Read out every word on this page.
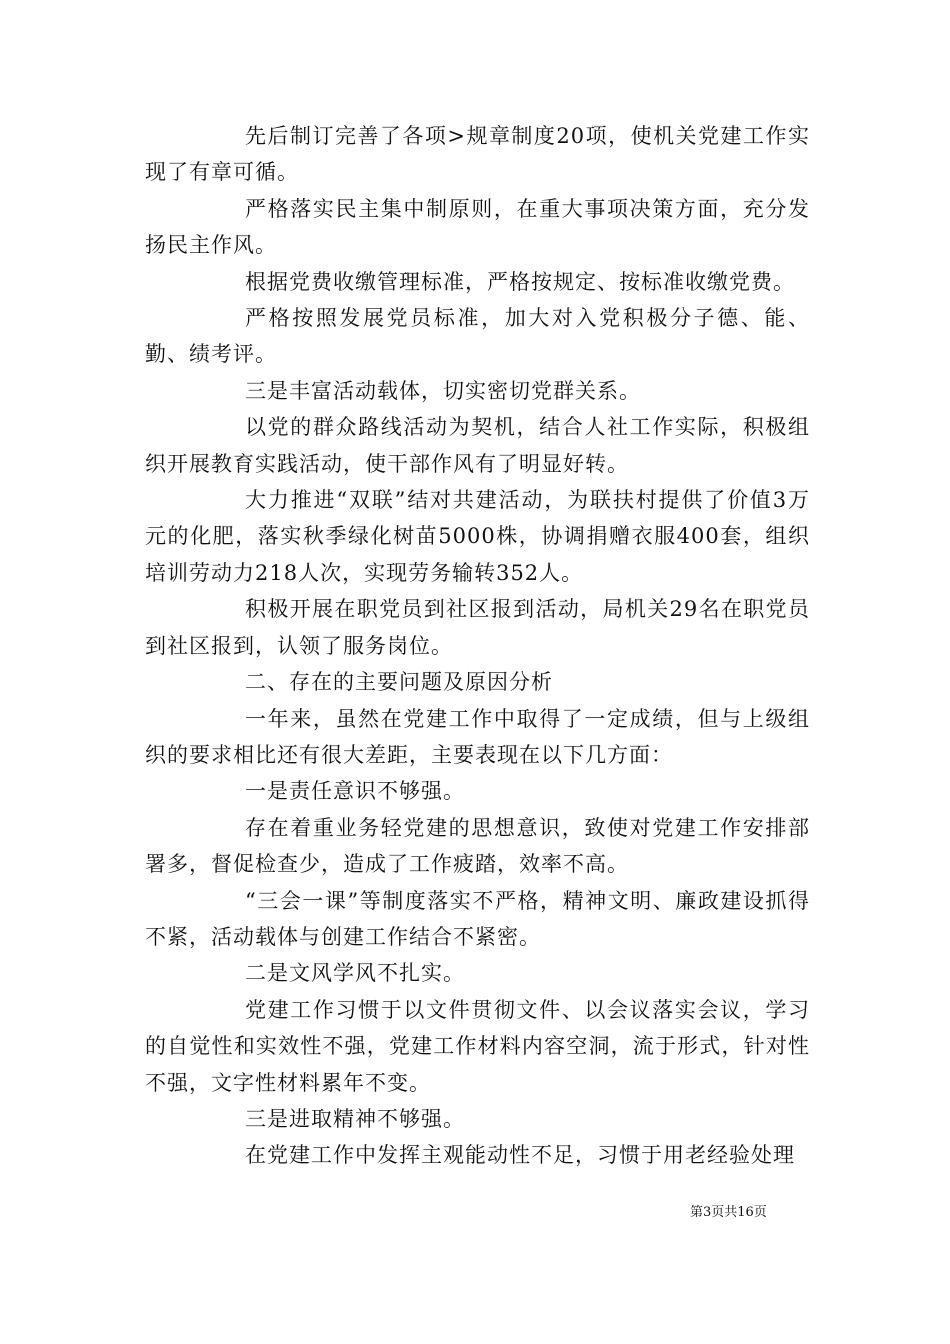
先后制订完善了各项>规章制度20项，使机关党建工作实现了有章可循。

严格落实民主集中制原则，在重大事项决策方面，充分发扬民主作风。

根据党费收缴管理标准，严格按规定、按标准收缴党费。

严格按照发展党员标准，加大对入党积极分子德、能、勤、绩考评。

三是丰富活动载体，切实密切党群关系。

以党的群众路线活动为契机，结合人社工作实际，积极组织开展教育实践活动，使干部作风有了明显好转。

大力推进“双联”结对共建活动，为联扶村提供了价值3万元的化肥，落实秋季绿化树苗5000株，协调捐赠衣服400套，组织培训劳动力218人次，实现劳务输转352人。

积极开展在职党员到社区报到活动，局机关29名在职党员到社区报到，认领了服务岗位。

二、存在的主要问题及原因分析

一年来，虽然在党建工作中取得了一定成绩，但与上级组织的要求相比还有很大差距，主要表现在以下几方面：

一是责任意识不够强。

存在着重业务轻党建的思想意识，致使对党建工作安排部署多，督促检查少，造成了工作疲踏，效率不高。

“三会一课”等制度落实不严格，精神文明、廉政建设抓得不紧，活动载体与创建工作结合不紧密。

二是文风学风不扎实。

党建工作习惯于以文件贯彻文件、以会议落实会议，学习的自觉性和实效性不强，党建工作材料内容空洞，流于形式，针对性不强，文字性材料累年不变。

三是进取精神不够强。

在党建工作中发挥主观能动性不足，习惯于用老经验处理

第3页共16页
